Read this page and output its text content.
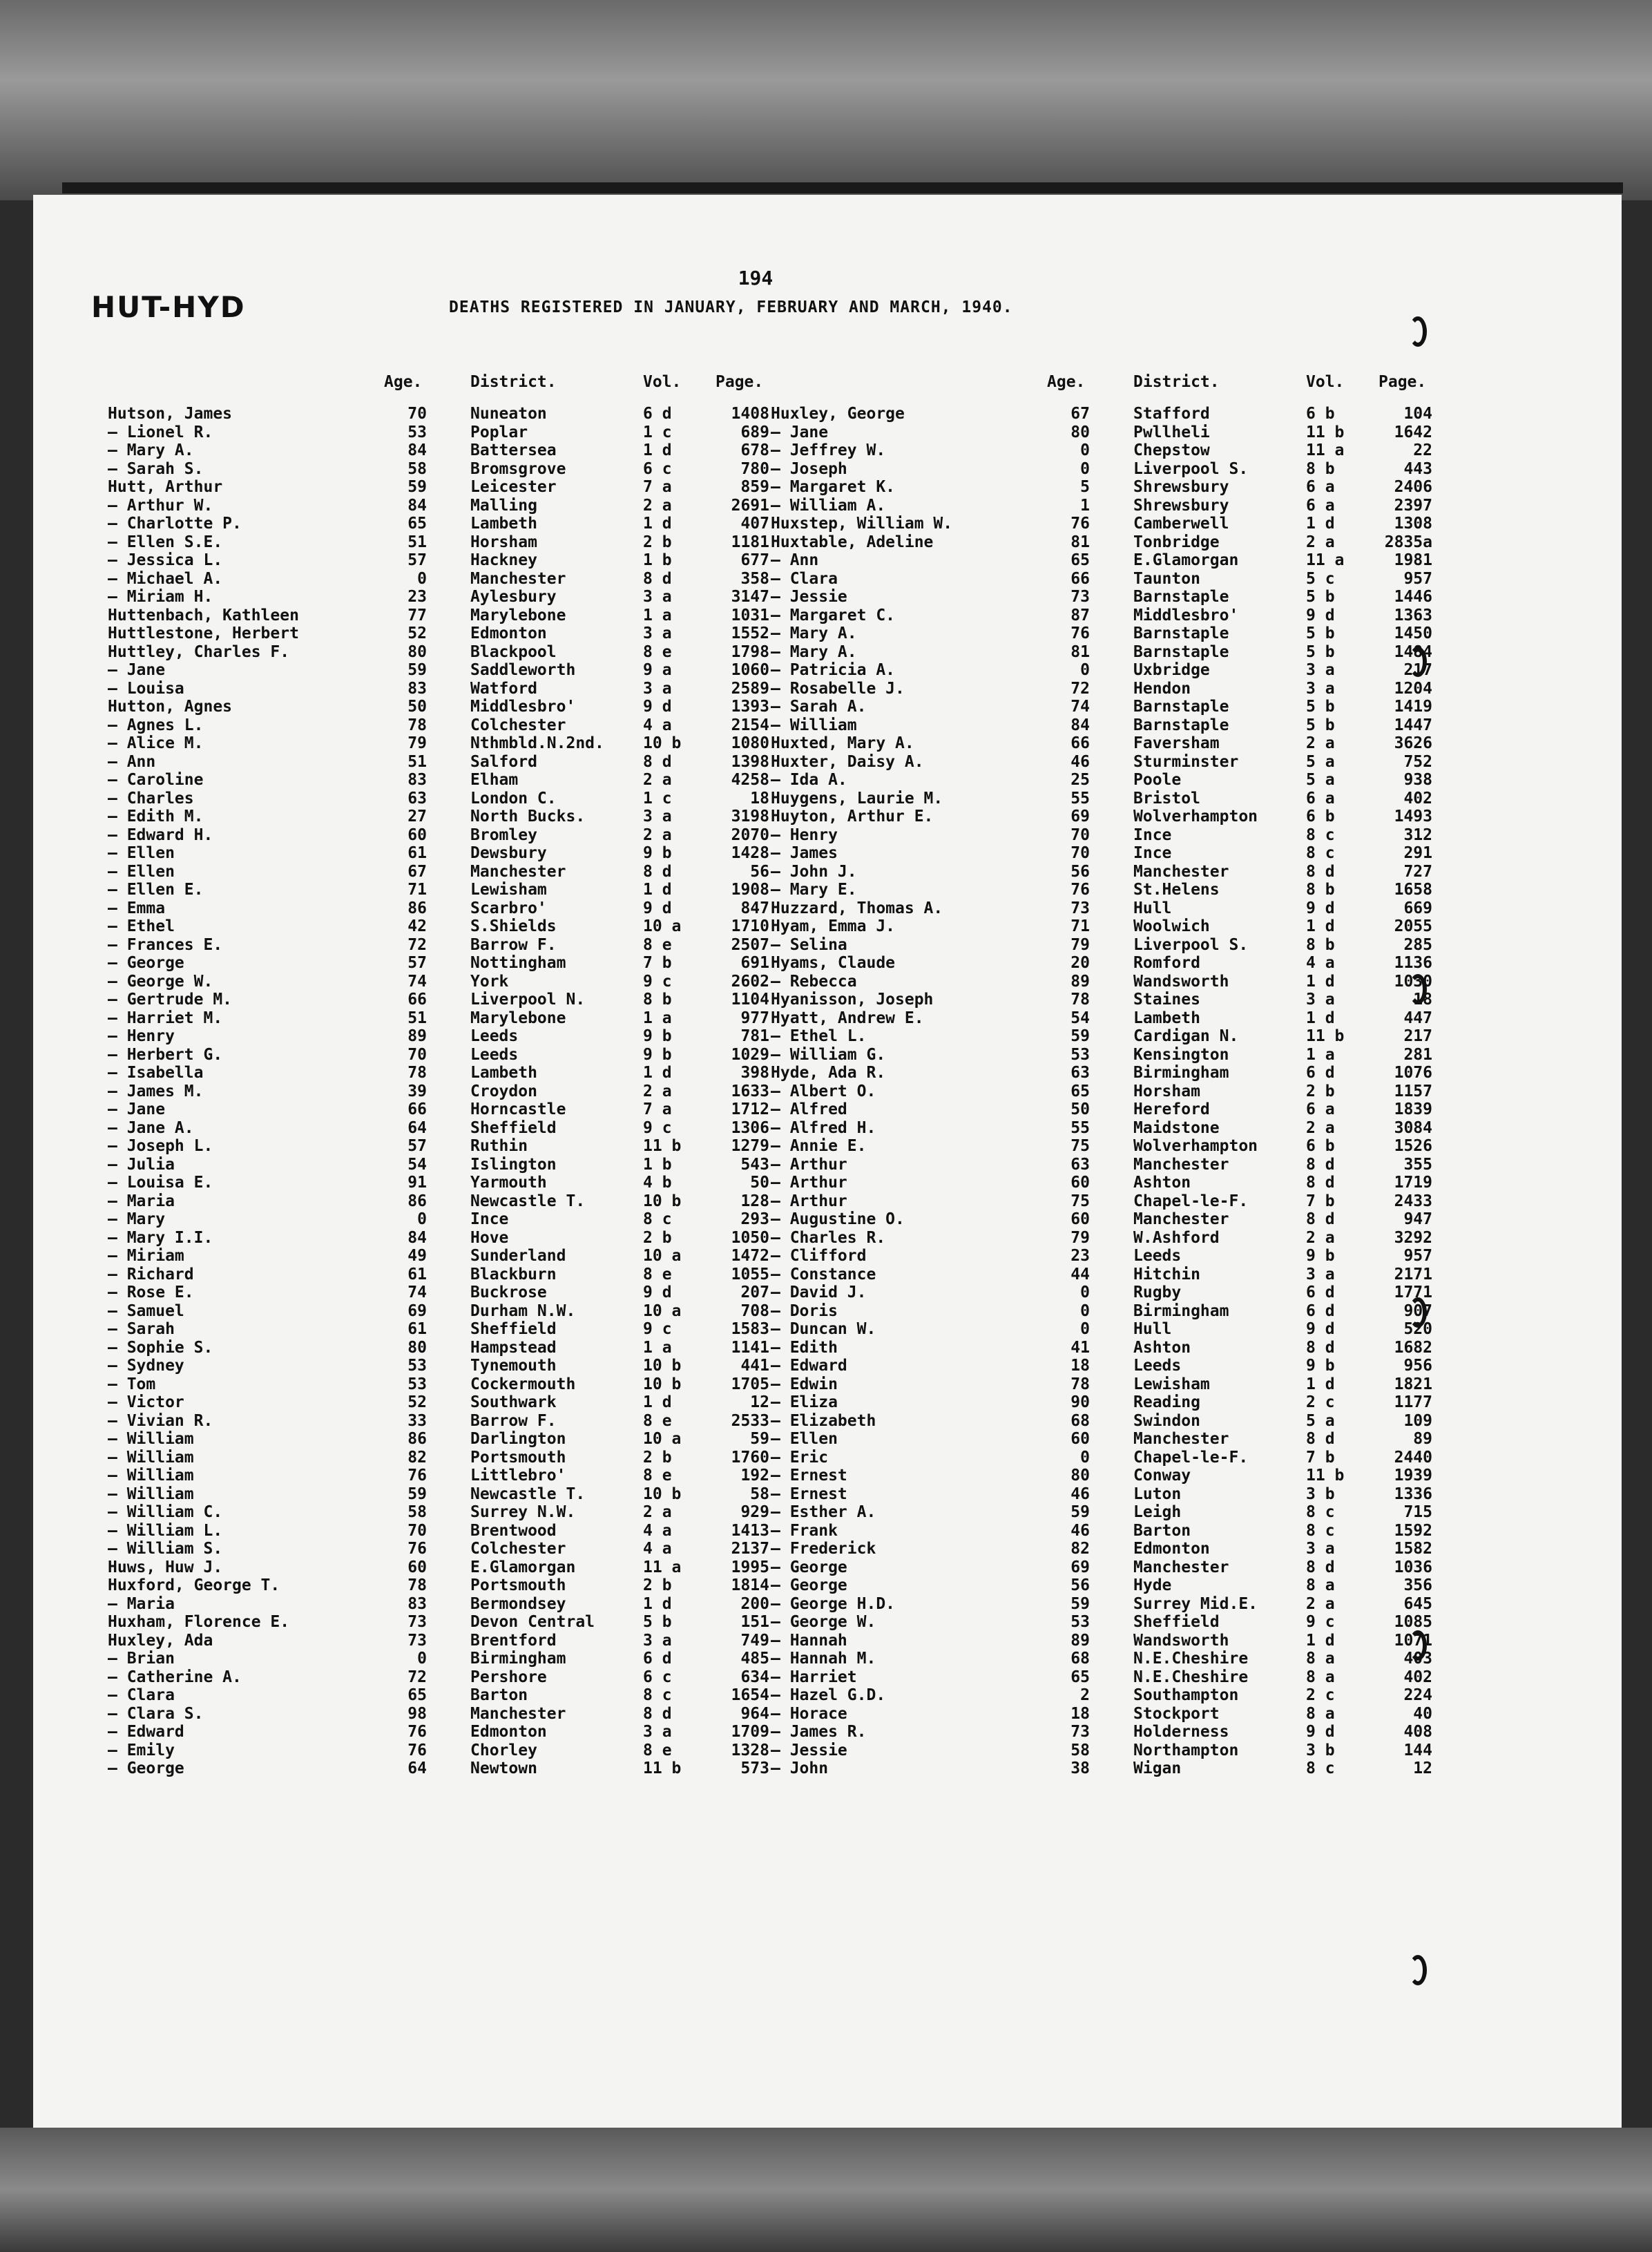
194
HUT-HYD	DEATHS REGISTERED IN JANUARY, FEBRUARY AND MARCH, 1940.
Age.	District.	Vol.	Page.
Hutson, James	70	Nuneaton	6 d	1408
— Lionel R.	53	Poplar	1 c	689
— Mary A.	84	Battersea	1 d	678
— Sarah S.	58	Bromsgrove	6 c	780
Hutt, Arthur	59	Leicester	7 a	859
— Arthur W.	84	Malling	2 a	2691
— Charlotte P.	65	Lambeth	1 d	407
— Ellen S.E.	51	Horsham	2 b	1181
— Jessica L.	57	Hackney	1 b	677
— Michael A.	0	Manchester	8 d	358
— Miriam H.	23	Aylesbury	3 a	3147
Huttenbach, Kathleen	77	Marylebone	1 a	1031
Huttlestone, Herbert	52	Edmonton	3 a	1552
Huttley, Charles F.	80	Blackpool	8 e	1798
— Jane	59	Saddleworth	9 a	1060
— Louisa	83	Watford	3 a	2589
Hutton, Agnes	50	Middlesbro'	9 d	1393
— Agnes L.	78	Colchester	4 a	2154
— Alice M.	79	Nthmbld.N.2nd.	10 b	1080
— Ann	51	Salford	8 d	1398
— Caroline	83	Elham	2 a	4258
— Charles	63	London C.	1 c	18
— Edith M.	27	North Bucks.	3 a	3198
— Edward H.	60	Bromley	2 a	2070
— Ellen	61	Dewsbury	9 b	1428
— Ellen	67	Manchester	8 d	56
— Ellen E.	71	Lewisham	1 d	1908
— Emma	86	Scarbro'	9 d	847
— Ethel	42	S.Shields	10 a	1710
— Frances E.	72	Barrow F.	8 e	2507
— George	57	Nottingham	7 b	691
— George W.	74	York	9 c	2602
— Gertrude M.	66	Liverpool N.	8 b	1104
— Harriet M.	51	Marylebone	1 a	977
— Henry	89	Leeds	9 b	781
— Herbert G.	70	Leeds	9 b	1029
— Isabella	78	Lambeth	1 d	398
— James M.	39	Croydon	2 a	1633
— Jane	66	Horncastle	7 a	1712
— Jane A.	64	Sheffield	9 c	1306
— Joseph L.	57	Ruthin	11 b	1279
— Julia	54	Islington	1 b	543
— Louisa E.	91	Yarmouth	4 b	50
— Maria	86	Newcastle T.	10 b	128
— Mary	0	Ince	8 c	293
— Mary I.I.	84	Hove	2 b	1050
— Miriam	49	Sunderland	10 a	1472
— Richard	61	Blackburn	8 e	1055
— Rose E.	74	Buckrose	9 d	207
— Samuel	69	Durham N.W.	10 a	708
— Sarah	61	Sheffield	9 c	1583
— Sophie S.	80	Hampstead	1 a	1141
— Sydney	53	Tynemouth	10 b	441
— Tom	53	Cockermouth	10 b	1705
— Victor	52	Southwark	1 d	12
— Vivian R.	33	Barrow F.	8 e	2533
— William	86	Darlington	10 a	59
— William	82	Portsmouth	2 b	1760
— William	76	Littlebro'	8 e	192
— William	59	Newcastle T.	10 b	58
— William C.	58	Surrey N.W.	2 a	929
— William L.	70	Brentwood	4 a	1413
— William S.	76	Colchester	4 a	2137
Huws, Huw J.	60	E.Glamorgan	11 a	1995
Huxford, George T.	78	Portsmouth	2 b	1814
— Maria	83	Bermondsey	1 d	200
Huxham, Florence E.	73	Devon Central	5 b	151
Huxley, Ada	73	Brentford	3 a	749
— Brian	0	Birmingham	6 d	485
— Catherine A.	72	Pershore	6 c	634
— Clara	65	Barton	8 c	1654
— Clara S.	98	Manchester	8 d	964
— Edward	76	Edmonton	3 a	1709
— Emily	76	Chorley	8 e	1328
— George	64	Newtown	11 b	573
Age.	District.	Vol.	Page.
Huxley, George	67	Stafford	6 b	104
— Jane	80	Pwllheli	11 b	1642
— Jeffrey W.	0	Chepstow	11 a	22
— Joseph	0	Liverpool S.	8 b	443
— Margaret K.	5	Shrewsbury	6 a	2406
— William A.	1	Shrewsbury	6 a	2397
Huxstep, William W.	76	Camberwell	1 d	1308
Huxtable, Adeline	81	Tonbridge	2 a	2835a
— Ann	65	E.Glamorgan	11 a	1981
— Clara	66	Taunton	5 c	957
— Jessie	73	Barnstaple	5 b	1446
— Margaret C.	87	Middlesbro'	9 d	1363
— Mary A.	76	Barnstaple	5 b	1450
— Mary A.	81	Barnstaple	5 b	1484
— Patricia A.	0	Uxbridge	3 a	217
— Rosabelle J.	72	Hendon	3 a	1204
— Sarah A.	74	Barnstaple	5 b	1419
— William	84	Barnstaple	5 b	1447
Huxted, Mary A.	66	Faversham	2 a	3626
Huxter, Daisy A.	46	Sturminster	5 a	752
— Ida A.	25	Poole	5 a	938
Huygens, Laurie M.	55	Bristol	6 a	402
Huyton, Arthur E.	69	Wolverhampton	6 b	1493
— Henry	70	Ince	8 c	312
— James	70	Ince	8 c	291
— John J.	56	Manchester	8 d	727
— Mary E.	76	St.Helens	8 b	1658
Huzzard, Thomas A.	73	Hull	9 d	669
Hyam, Emma J.	71	Woolwich	1 d	2055
— Selina	79	Liverpool S.	8 b	285
Hyams, Claude	20	Romford	4 a	1136
— Rebecca	89	Wandsworth	1 d	1030
Hyanisson, Joseph	78	Staines	3 a	18
Hyatt, Andrew E.	54	Lambeth	1 d	447
— Ethel L.	59	Cardigan N.	11 b	217
— William G.	53	Kensington	1 a	281
Hyde, Ada R.	63	Birmingham	6 d	1076
— Albert O.	65	Horsham	2 b	1157
— Alfred	50	Hereford	6 a	1839
— Alfred H.	55	Maidstone	2 a	3084
— Annie E.	75	Wolverhampton	6 b	1526
— Arthur	63	Manchester	8 d	355
— Arthur	60	Ashton	8 d	1719
— Arthur	75	Chapel-le-F.	7 b	2433
— Augustine O.	60	Manchester	8 d	947
— Charles R.	79	W.Ashford	2 a	3292
— Clifford	23	Leeds	9 b	957
— Constance	44	Hitchin	3 a	2171
— David J.	0	Rugby	6 d	1771
— Doris	0	Birmingham	6 d	907
— Duncan W.	0	Hull	9 d	520
— Edith	41	Ashton	8 d	1682
— Edward	18	Leeds	9 b	956
— Edwin	78	Lewisham	1 d	1821
— Eliza	90	Reading	2 c	1177
— Elizabeth	68	Swindon	5 a	109
— Ellen	60	Manchester	8 d	89
— Eric	0	Chapel-le-F.	7 b	2440
— Ernest	80	Conway	11 b	1939
— Ernest	46	Luton	3 b	1336
— Esther A.	59	Leigh	8 c	715
— Frank	46	Barton	8 c	1592
— Frederick	82	Edmonton	3 a	1582
— George	69	Manchester	8 d	1036
— George	56	Hyde	8 a	356
— George H.D.	59	Surrey Mid.E.	2 a	645
— George W.	53	Sheffield	9 c	1085
— Hannah	89	Wandsworth	1 d	1071
— Hannah M.	68	N.E.Cheshire	8 a	403
— Harriet	65	N.E.Cheshire	8 a	402
— Hazel G.D.	2	Southampton	2 c	224
— Horace	18	Stockport	8 a	40
— James R.	73	Holderness	9 d	408
— Jessie	58	Northampton	3 b	144
— John	38	Wigan	8 c	12
